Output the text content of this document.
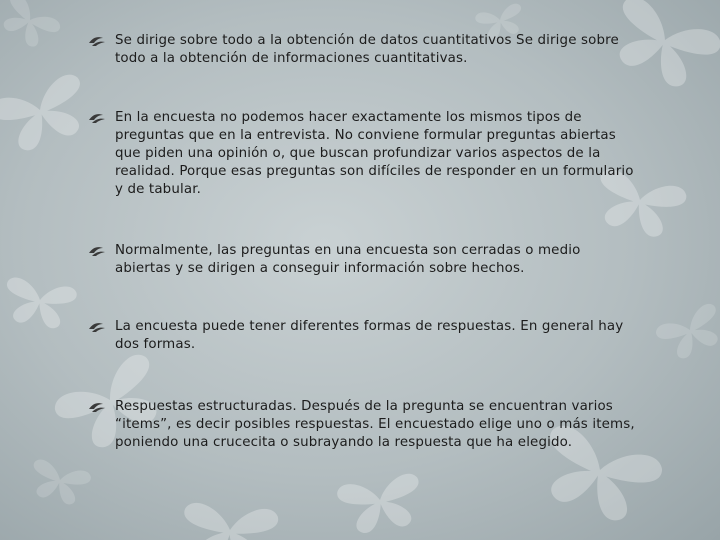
Se dirige sobre todo a la obtención de datos cuantitativos Se dirige sobre todo a la obtención de informaciones cuantitativas.
En la encuesta no podemos hacer exactamente los mismos tipos de preguntas que en la entrevista. No conviene formular preguntas abiertas que piden una opinión o, que buscan profundizar varios aspectos de la realidad. Porque esas preguntas son difíciles de responder en un formulario y de tabular.
Normalmente, las preguntas en una encuesta son cerradas o medio abiertas y se dirigen a conseguir información sobre hechos.
La encuesta puede tener diferentes formas de respuestas. En general hay dos formas.
Respuestas estructuradas. Después de la pregunta se encuentran varios “items”, es decir posibles respuestas. El encuestado elige uno o más items, poniendo una crucecita o subrayando la respuesta que ha elegido.
